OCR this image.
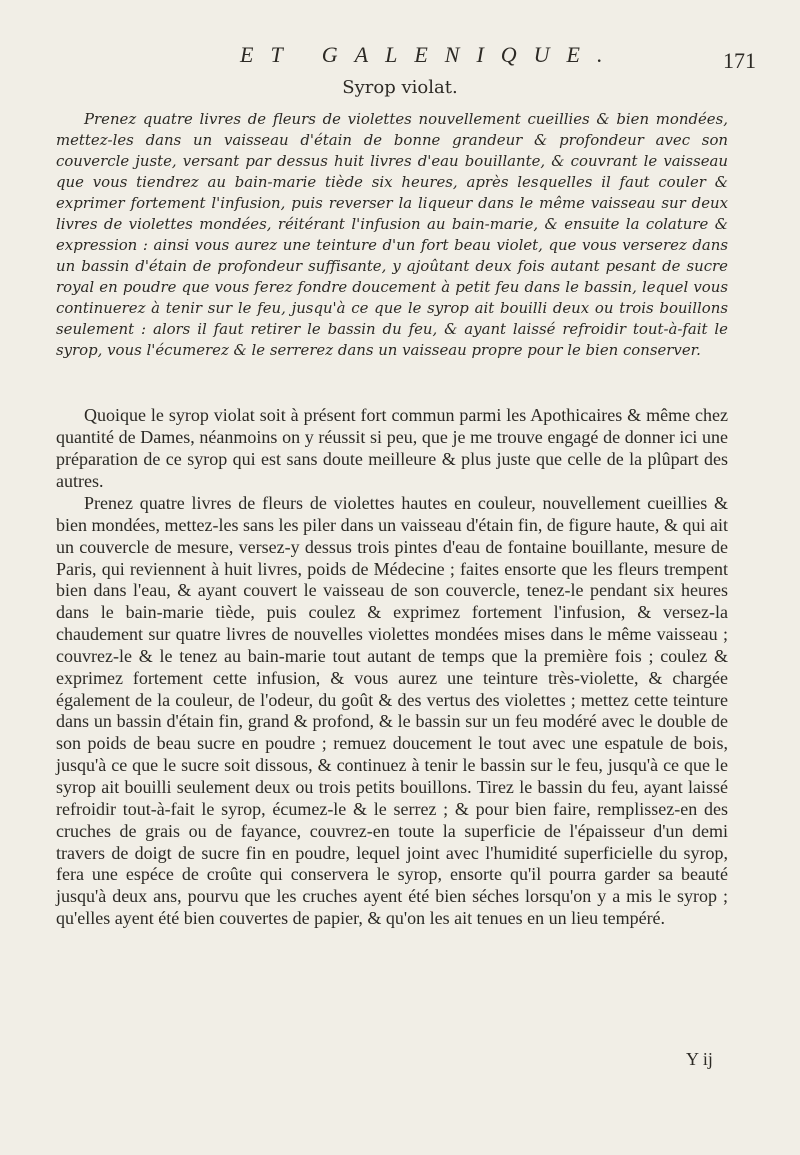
ET GALENIQUE.	171
Syrop violat.

Prenez quatre livres de fleurs de violettes nouvellement cueillies & bien mondées, mettez-les dans un vaisseau d'étain de bonne grandeur & profondeur avec son couvercle juste, versant par dessus huit livres d'eau bouillante, & couvrant le vaisseau que vous tiendrez au bain-marie tiède six heures, après lesquelles il faut couler & exprimer fortement l'infusion, puis reverser la liqueur dans le même vaisseau sur deux livres de violettes mondées, réitérant l'infusion au bain-marie, & ensuite la colature & expression : ainsi vous aurez une teinture d'un fort beau violet, que vous verserez dans un bassin d'étain de profondeur suffisante, y ajoûtant deux fois autant pesant de sucre royal en poudre que vous ferez fondre doucement à petit feu dans le bassin, lequel vous continuerez à tenir sur le feu, jusqu'à ce que le syrop ait bouilli deux ou trois bouillons seulement : alors il faut retirer le bassin du feu, & ayant laissé refroidir tout-à-fait le syrop, vous l'écumerez & le serrerez dans un vaisseau propre pour le bien conserver.

Quoique le syrop violat soit à présent fort commun parmi les Apothicaires & même chez quantité de Dames, néanmoins on y réussit si peu, que je me trouve engagé de donner ici une préparation de ce syrop qui est sans doute meilleure & plus juste que celle de la plûpart des autres.

Prenez quatre livres de fleurs de violettes hautes en couleur, nouvellement cueillies & bien mondées, mettez-les sans les piler dans un vaisseau d'étain fin, de figure haute, & qui ait un couvercle de mesure, versez-y dessus trois pintes d'eau de fontaine bouillante, mesure de Paris, qui reviennent à huit livres, poids de Médecine ; faites ensorte que les fleurs trempent bien dans l'eau, & ayant couvert le vaisseau de son couvercle, tenez-le pendant six heures dans le bain-marie tiède, puis coulez & exprimez fortement l'infusion, & versez-la chaudement sur quatre livres de nouvelles violettes mondées mises dans le même vaisseau ; couvrez-le & le tenez au bain-marie tout autant de temps que la première fois ; coulez & exprimez fortement cette infusion, & vous aurez une teinture très-violette, & chargée également de la couleur, de l'odeur, du goût & des vertus des violettes ; mettez cette teinture dans un bassin d'étain fin, grand & profond, & le bassin sur un feu modéré avec le double de son poids de beau sucre en poudre ; remuez doucement le tout avec une espatule de bois, jusqu'à ce que le sucre soit dissous, & continuez à tenir le bassin sur le feu, jusqu'à ce que le syrop ait bouilli seulement deux ou trois petits bouillons. Tirez le bassin du feu, ayant laissé refroidir tout-à-fait le syrop, écumez-le & le serrez ; & pour bien faire, remplissez-en des cruches de grais ou de fayance, couvrez-en toute la superficie de l'épaisseur d'un demi travers de doigt de sucre fin en poudre, lequel joint avec l'humidité superficielle du syrop, fera une espéce de croûte qui conservera le syrop, ensorte qu'il pourra garder sa beauté jusqu'à deux ans, pourvu que les cruches ayent été bien séches lorsqu'on y a mis le syrop ; qu'elles ayent été bien couvertes de papier, & qu'on les ait tenues en un lieu tempéré.

Y ij
